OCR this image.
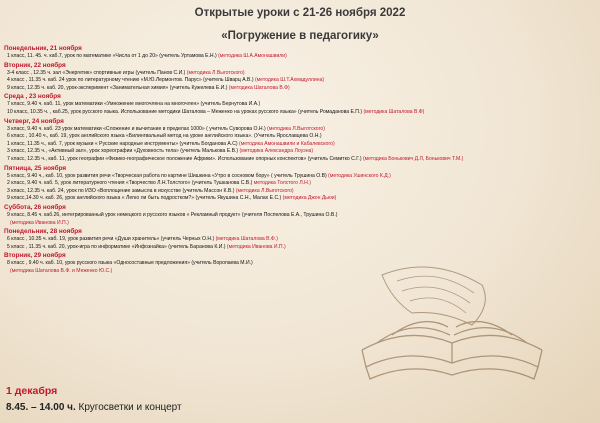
Открытые уроки с 21-26 ноября 2022
«Погружение в педагогику»
Понедельник, 21 ноября
1 класс, 11. 45. ч. каб.7, урок по математике «Числа от 1 до 20» (учитель Уртамова Е.Н.) (методика Ш.А.Амонашвили)
Вторник, 22 ноября
3-4 класс , 12.35 ч. зал «Энергетик» спортивные игры (учитель Панов С.И.) (методика Л.Выготского)
4 класс , 11.35 ч. каб. 24 урок по литературному чтению «М.Ю.Лермонтов. Парус» (учитель Шварц А.В.) (методика Ш.Т.Ахмадуллина)
9 класс, 12.35 ч. каб. 20, урок-эксперимент «Занимательная химия» (учитель Кужелева Е.И.) (методика Шаталова В.Ф)
Среда , 23 ноября
7 класс, 9.40 ч. каб. 11, урок математики «Умножение многочлена на многочлен» (учитель Бернутова И.А.)
10 класс, 10.35 ч. , каб.25, урок русского языка. Использование методики Шаталова – Меженко на уроках русского языка» (учитель Ромаданова Е.П.) (методика Шаталова В.Ф)
Четверг, 24 ноября
3 класс, 9.40 ч. каб. 23 урок математики «Сложение и вычитание в пределах 1000» ( учитель Суворова О.Н.) (методика Л.Выготского)
6 класс , 10.40 ч., каб. 19, урок английского языка «Билингвальный метод на уроке английского языка». (Учитель Ярославцева О.Н.)
1 класс, 11.35 ч., каб. 7, урок музыки « Русские народные инструменты» (учитель Богданова А.С) (методика Амонашвили и Кабалевского)
3 класс, 12.35 ч., «Активный зал», урок хореографии «Духовность тела» (учитель Малькова Е.В.) (методика Александра Лоуэна)
7 класс, 12.35 ч., каб. 11, урок географии «Физико-географическое положение Африки». Использование опорных конспектов» (учитель Семитко С.Г.) (методика Бонькович Д.Л, Бонькович Т.М.)
Пятница, 25 ноября
5 класс, 9.40 ч., каб. 10, урок развития речи «Творческая работа по картине Шишкина «Утро в сосновом бору» ( учитель Трушина О.В) (методика Ушинского К.Д.)
2 класс, 9.40 ч. каб. 5, урок литературного чтения «Творчество Л.Н.Толстого» (учитель Тушканова С.В.) методика Толстого Л.Н.)
3 класс, 12.35 ч. каб. 24, урок по ИЗО «Воплощение замысла в искусстве (учитель Массон К.В.) (методика Л.Выготского)
9 класс,14.30 ч. каб. 26, урок английского языка « Легко ли быть подростком?» (учитель Якушина С.Н., Малах Е.С.) (методика Джон Дьюи)
Суббота, 26 ноября
9 класс, 8.45 ч. каб.26, интегрированный урок немецкого и русского языков « Рекламный продукт» (учителя Поспелова Е.А., Трушина О.В.)
(методика Иванова И.П.)
Понедельник, 28 ноября
6 класс , 10.35 ч. каб. 19, урок развития речи «Души хранитель» (учитель Черных О.Н.) (методика Шаталова В.Ф.)
5 класс , 11.35 ч. каб. 20, урок-игра по информатике «Инфознайка» (учитель Баранова К.И.) (методика Иванова И.П.)
Вторник, 29 ноября
8 класс , 9.40 ч. каб. 10, урок русского языка «Односоставные предложения» (учитель Воропаева М.И.)
(методика Шаталова В.Ф. и Меженко Ю.С.)
1 декабря
8.45. – 14.00 ч. Кругосветки и концерт
